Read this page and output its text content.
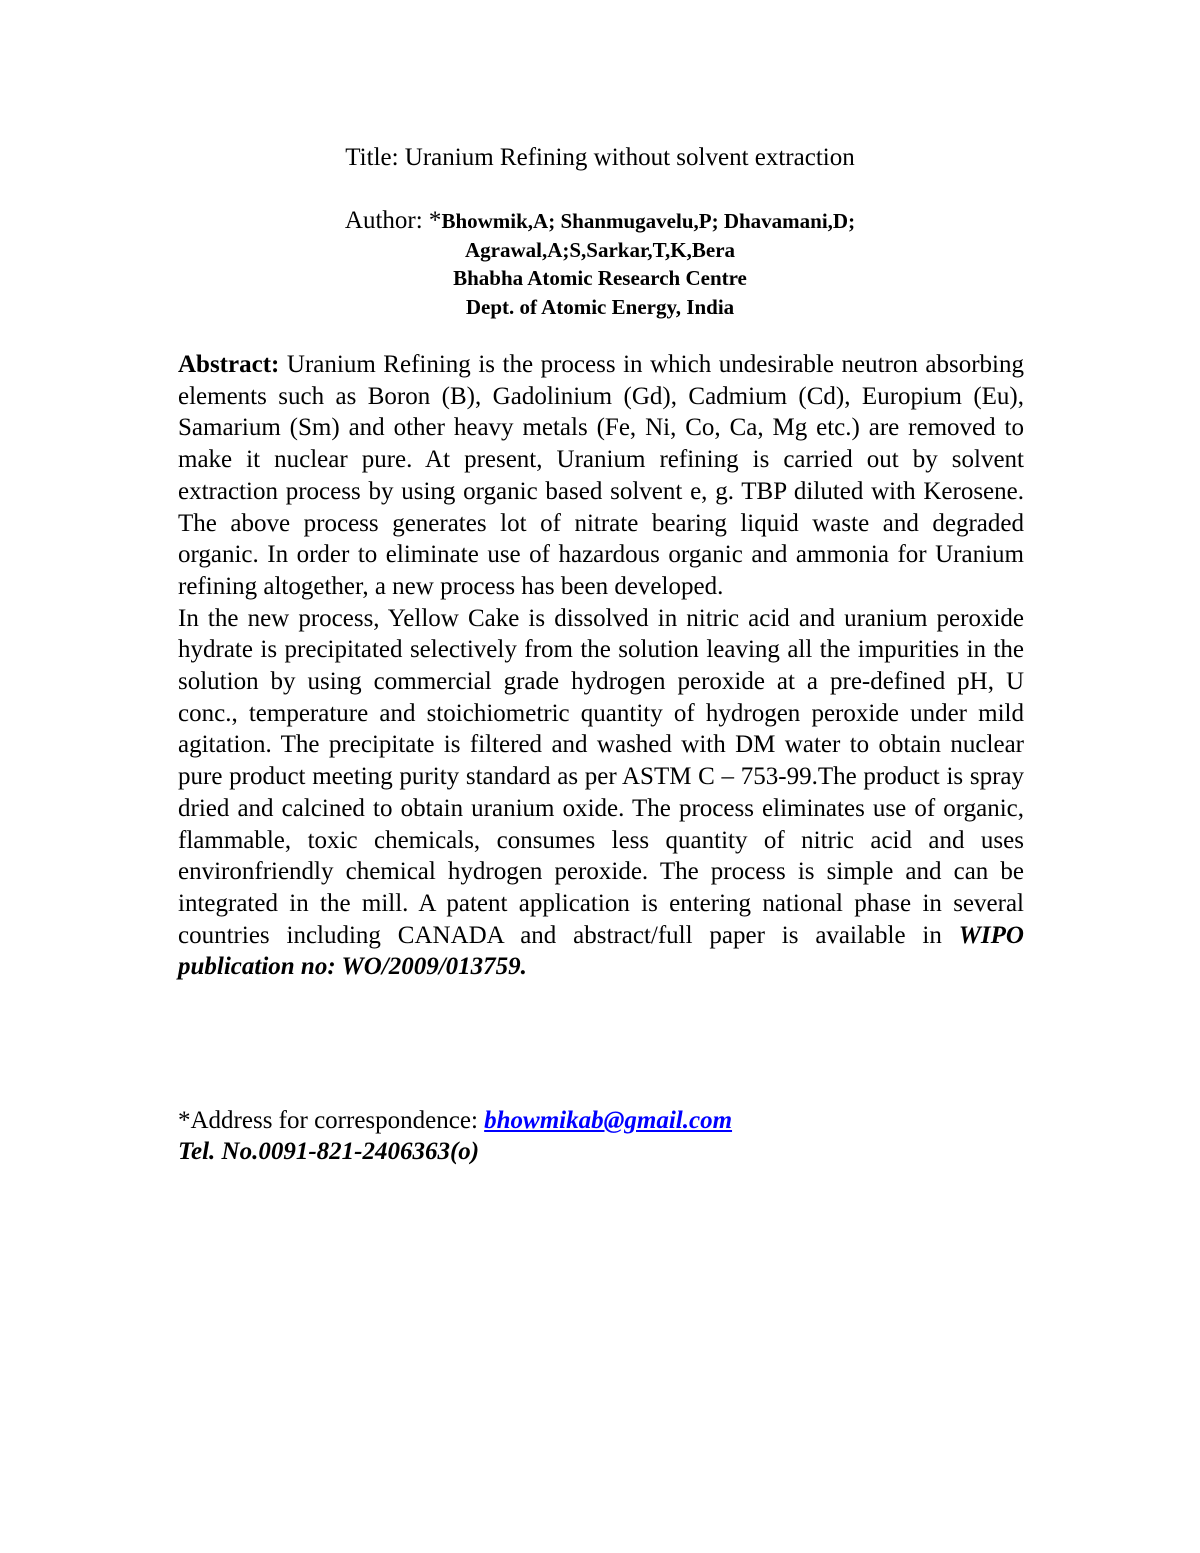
Title: Uranium Refining without solvent extraction
Author: *Bhowmik,A; Shanmugavelu,P; Dhavamani,D;
Agrawal,A;S,Sarkar,T,K,Bera
Bhabha Atomic Research Centre
Dept. of Atomic Energy, India

Abstract: Uranium Refining is the process in which undesirable neutron absorbing elements such as Boron (B), Gadolinium (Gd), Cadmium (Cd), Europium (Eu), Samarium (Sm) and other heavy metals (Fe, Ni, Co, Ca, Mg etc.) are removed to make it nuclear pure. At present, Uranium refining is carried out by solvent extraction process by using organic based solvent e, g. TBP diluted with Kerosene. The above process generates lot of nitrate bearing liquid waste and degraded organic. In order to eliminate use of hazardous organic and ammonia for Uranium refining altogether, a new process has been developed.

In the new process, Yellow Cake is dissolved in nitric acid and uranium peroxide hydrate is precipitated selectively from the solution leaving all the impurities in the solution by using commercial grade hydrogen peroxide at a pre-defined pH, U conc., temperature and stoichiometric quantity of hydrogen peroxide under mild agitation. The precipitate is filtered and washed with DM water to obtain nuclear pure product meeting purity standard as per ASTM C – 753-99.The product is spray dried and calcined to obtain uranium oxide. The process eliminates use of organic, flammable, toxic chemicals, consumes less quantity of nitric acid and uses environfriendly chemical hydrogen peroxide. The process is simple and can be integrated in the mill. A patent application is entering national phase in several countries including CANADA and abstract/full paper is available in WIPO publication no: WO/2009/013759.

*Address for correspondence: bhowmikab@gmail.com
Tel. No.0091-821-2406363(o)
